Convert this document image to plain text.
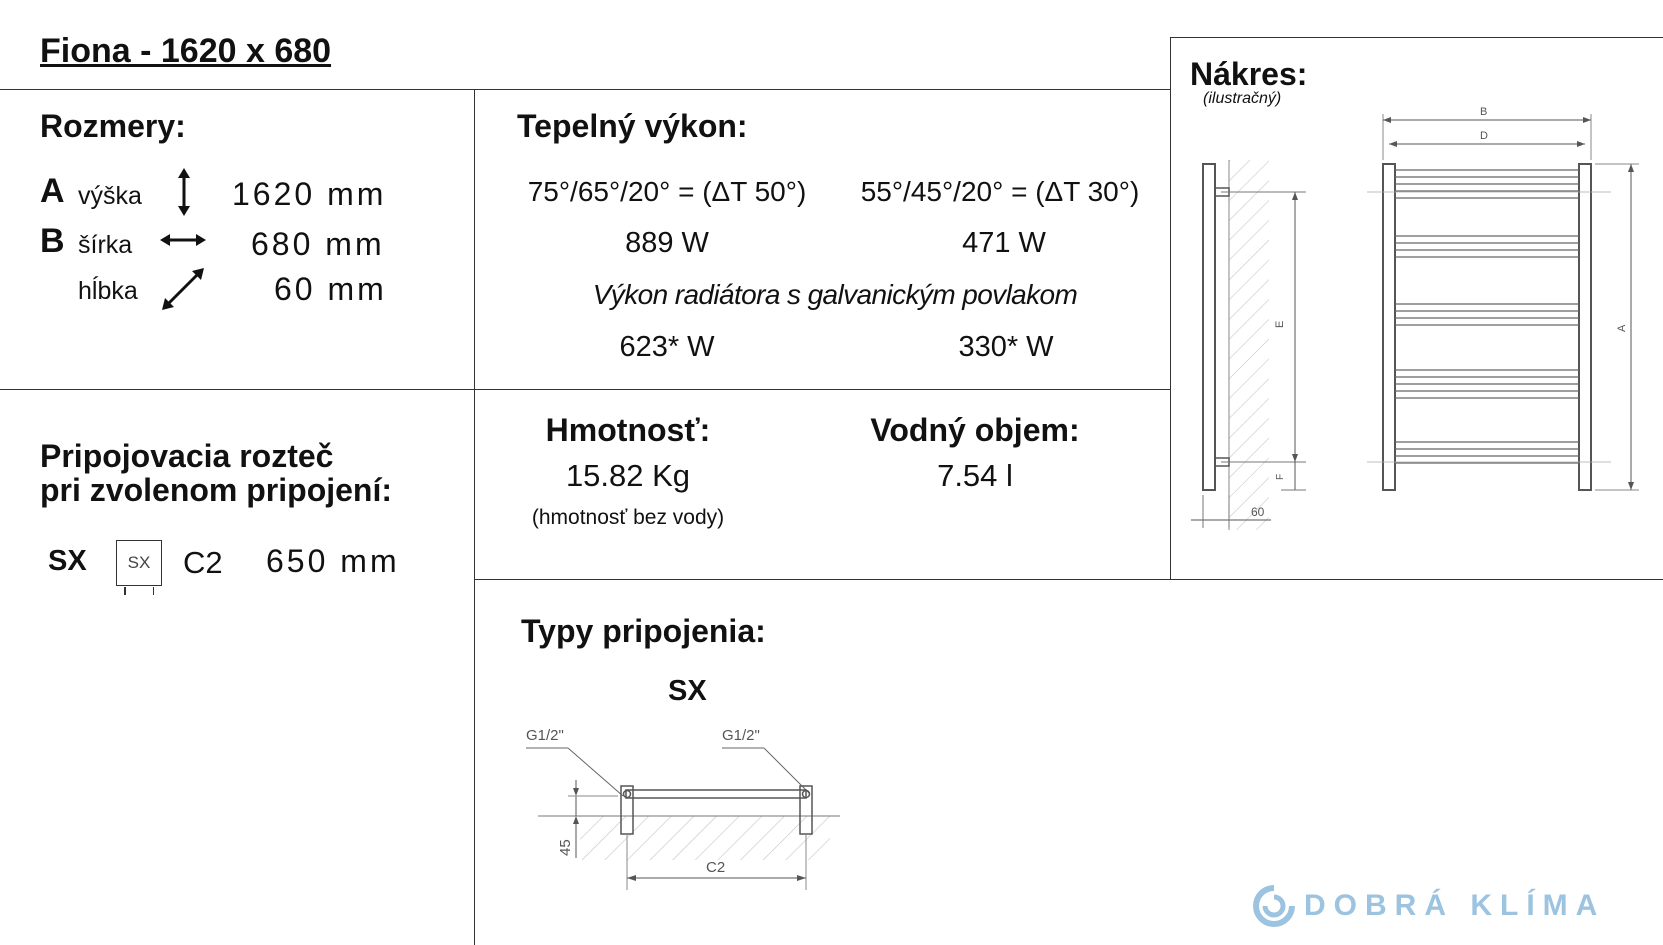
Fiona - 1620 x 680
Rozmery:
A výška	1620 mm
B šírka	680 mm
hĺbka	60 mm
Tepelný výkon:
75°/65°/20° = (ΔT 50°)	55°/45°/20° = (ΔT 30°)
889 W	471 W
Výkon radiátora s galvanickým povlakom
623* W	330* W
Nákres:
(ilustračný)
E
F
60
B
D
A
Pripojovacia rozteč
pri zvolenom pripojení:
SX	SX	C2 650 mm
Hmotnosť:
15.82 Kg
(hmotnosť bez vody)
Vodný objem:
7.54 l
Typy pripojenia:
SX
G1/2"	G1/2"
45
C2
DOBRÁ KLÍMA
